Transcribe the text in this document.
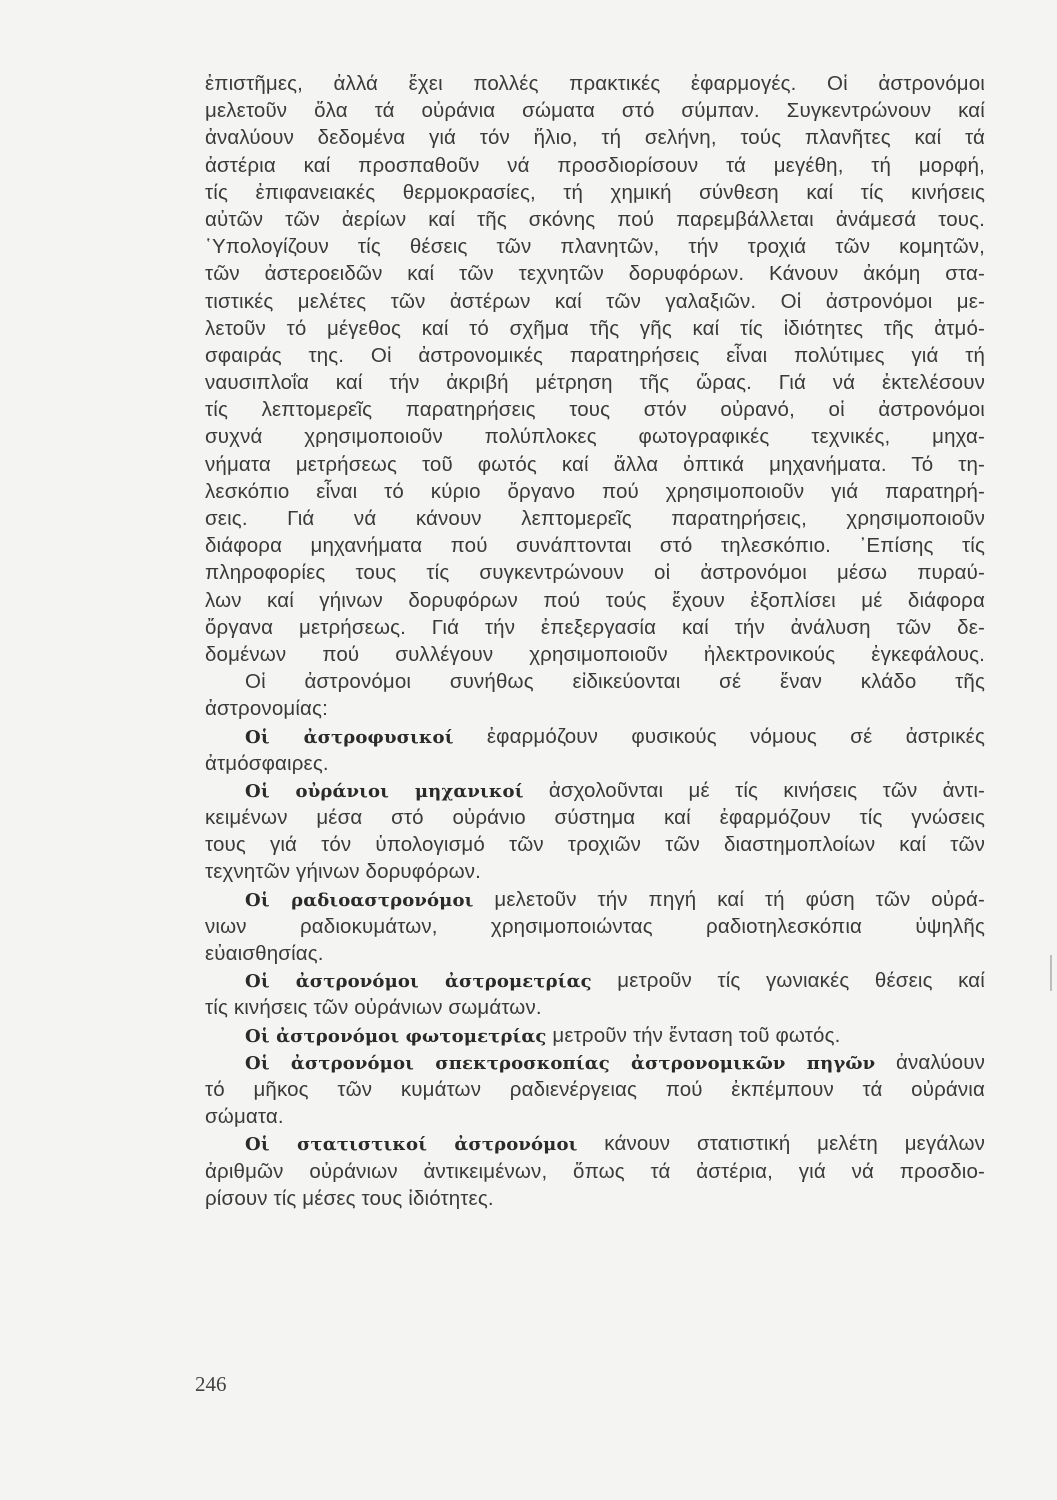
ἐπιστῆμες, ἀλλά ἔχει πολλές πρακτικές ἐφαρμογές. Οἱ ἀστρονόμοι
μελετοῦν ὅλα τά οὐράνια σώματα στό σύμπαν. Συγκεντρώνουν καί
ἀναλύουν δεδομένα γιά τόν ἥλιο, τή σελήνη, τούς πλανῆτες καί τά
ἀστέρια καί προσπαθοῦν νά προσδιορίσουν τά μεγέθη, τή μορφή,
τίς ἐπιφανειακές θερμοκρασίες, τή χημική σύνθεση καί τίς κινήσεις
αὐτῶν τῶν ἀερίων καί τῆς σκόνης πού παρεμβάλλεται ἀνάμεσά τους.
῾Υπολογίζουν τίς θέσεις τῶν πλανητῶν, τήν τροχιά τῶν κομητῶν,
τῶν ἀστεροειδῶν καί τῶν τεχνητῶν δορυφόρων. Κάνουν ἀκόμη στα-
τιστικές μελέτες τῶν ἀστέρων καί τῶν γαλαξιῶν. Οἱ ἀστρονόμοι με-
λετοῦν τό μέγεθος καί τό σχῆμα τῆς γῆς καί τίς ἰδιότητες τῆς ἀτμό-
σφαιράς της. Οἱ ἀστρονομικές παρατηρήσεις εἶναι πολύτιμες γιά τή
ναυσιπλοΐα καί τήν ἀκριβή μέτρηση τῆς ὥρας. Γιά νά ἐκτελέσουν
τίς λεπτομερεῖς παρατηρήσεις τους στόν οὐρανό, οἱ ἀστρονόμοι
συχνά χρησιμοποιοῦν πολύπλοκες φωτογραφικές τεχνικές, μηχα-
νήματα μετρήσεως τοῦ φωτός καί ἄλλα ὀπτικά μηχανήματα. Τό τη-
λεσκόπιο εἶναι τό κύριο ὄργανο πού χρησιμοποιοῦν γιά παρατηρή-
σεις. Γιά νά κάνουν λεπτομερεῖς παρατηρήσεις, χρησιμοποιοῦν
διάφορα μηχανήματα πού συνάπτονται στό τηλεσκόπιο. ᾿Επίσης τίς
πληροφορίες τους τίς συγκεντρώνουν οἱ ἀστρονόμοι μέσω πυραύ-
λων καί γήινων δορυφόρων πού τούς ἔχουν ἐξοπλίσει μέ διάφορα
ὄργανα μετρήσεως. Γιά τήν ἐπεξεργασία καί τήν ἀνάλυση τῶν δε-
δομένων πού συλλέγουν χρησιμοποιοῦν ἠλεκτρονικούς ἐγκεφάλους.
Οἱ ἀστρονόμοι συνήθως εἰδικεύονται σέ ἕναν κλάδο τῆς
ἀστρονομίας:
Οἱ ἀστροφυσικοί ἐφαρμόζουν φυσικούς νόμους σέ ἀστρικές
ἀτμόσφαιρες.
Οἱ οὐράνιοι μηχανικοί ἀσχολοῦνται μέ τίς κινήσεις τῶν ἀντι-
κειμένων μέσα στό οὐράνιο σύστημα καί ἐφαρμόζουν τίς γνώσεις
τους γιά τόν ὑπολογισμό τῶν τροχιῶν τῶν διαστημοπλοίων καί τῶν
τεχνητῶν γήινων δορυφόρων.
Οἱ ραδιοαστρονόμοι μελετοῦν τήν πηγή καί τή φύση τῶν οὐρά-
νιων ραδιοκυμάτων, χρησιμοποιώντας ραδιοτηλεσκόπια ὑψηλῆς
εὐαισθησίας.
Οἱ ἀστρονόμοι ἀστρομετρίας μετροῦν τίς γωνιακές θέσεις καί
τίς κινήσεις τῶν οὐράνιων σωμάτων.
Οἱ ἀστρονόμοι φωτομετρίας μετροῦν τήν ἔνταση τοῦ φωτός.
Οἱ ἀστρονόμοι σπεκτροσκοπίας ἀστρονομικῶν πηγῶν ἀναλύουν
τό μῆκος τῶν κυμάτων ραδιενέργειας πού ἐκπέμπουν τά οὐράνια
σώματα.
Οἱ στατιστικοί ἀστρονόμοι κάνουν στατιστική μελέτη μεγάλων
ἀριθμῶν οὐράνιων ἀντικειμένων, ὅπως τά ἀστέρια, γιά νά προσδιο-
ρίσουν τίς μέσες τους ἰδιότητες.
246
